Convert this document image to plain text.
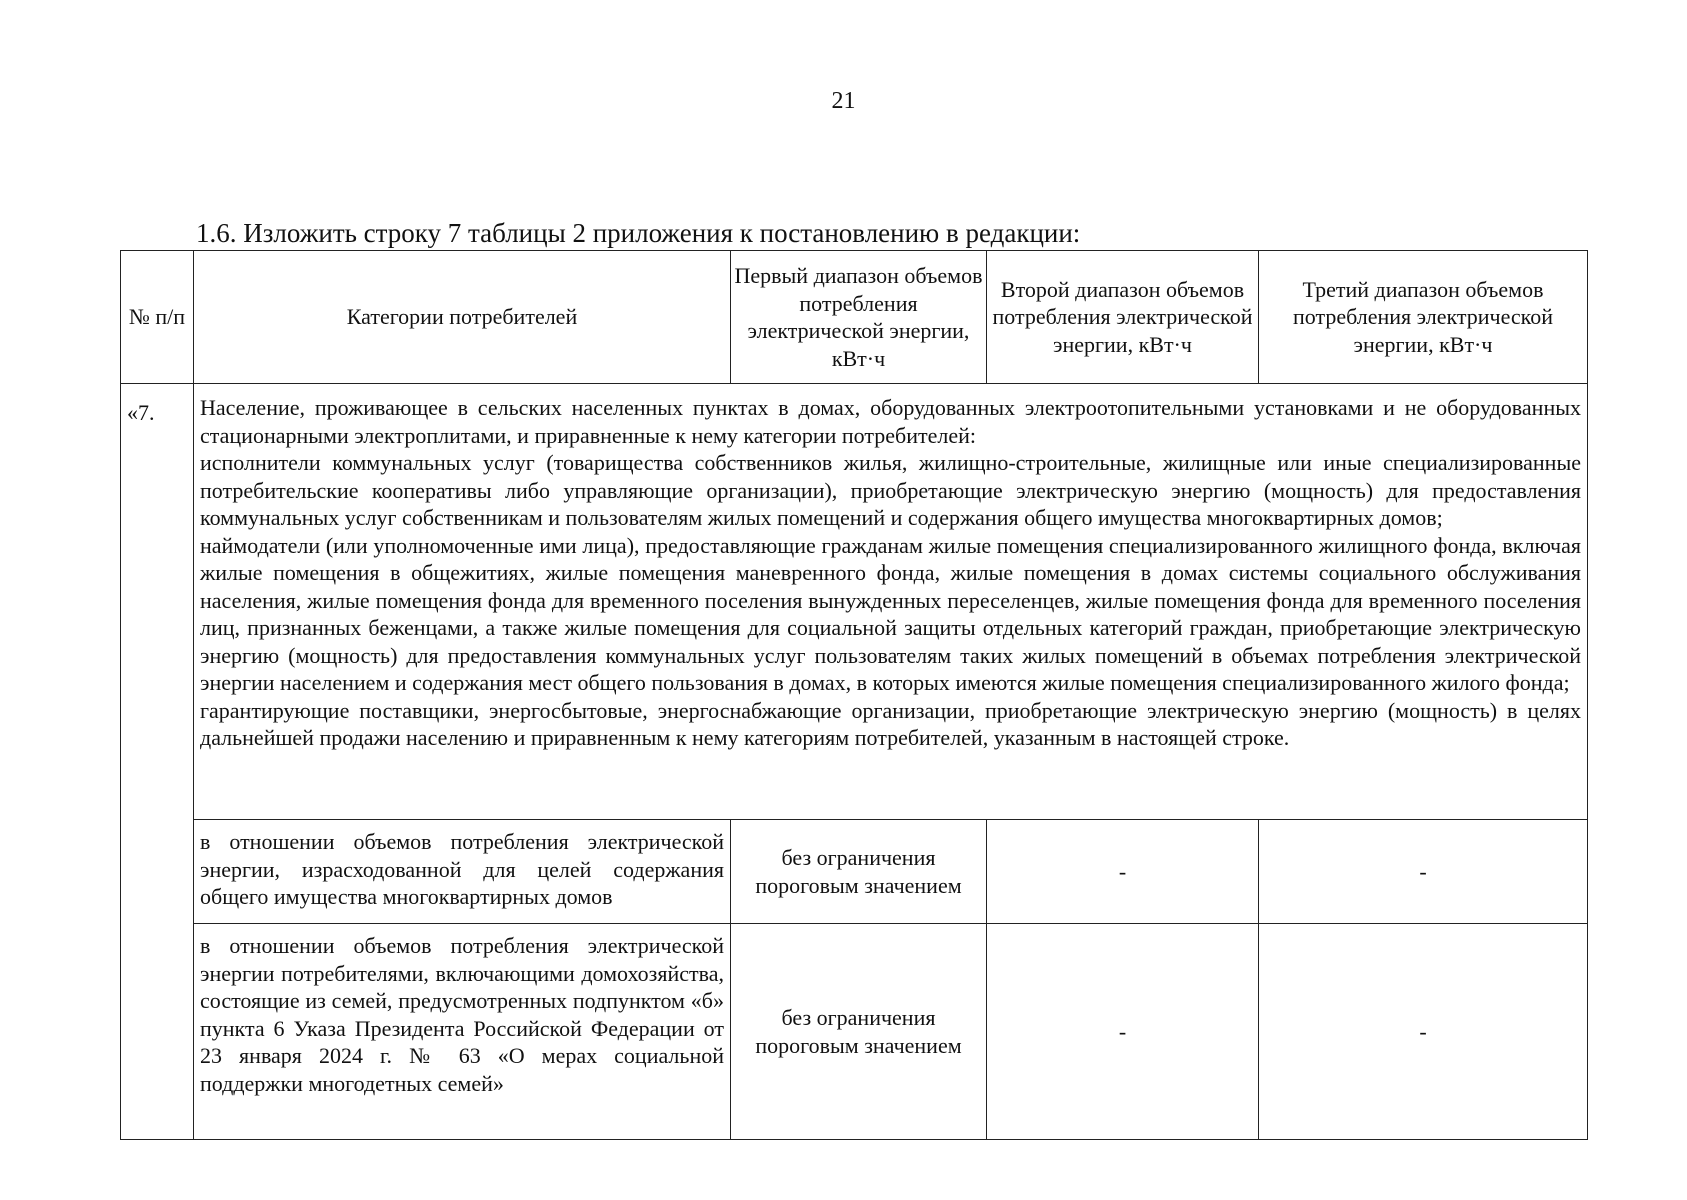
21
1.6. Изложить строку 7 таблицы 2 приложения к постановлению в редакции:
№ п/п	Категории потребителей	Первый диапазон объемов потребления электрической энергии, кВт·ч	Второй диапазон объемов потребления электрической энергии, кВт·ч	Третий диапазон объемов потребления электрической энергии, кВт·ч
«7.	Население, проживающее в сельских населенных пунктах в домах, оборудованных электроотопительными установками и не оборудованных стационарными электроплитами, и приравненные к нему категории потребителей:

исполнители коммунальных услуг (товарищества собственников жилья, жилищно-строительные, жилищные или иные специализированные потребительские кооперативы либо управляющие организации), приобретающие электрическую энергию (мощность) для предоставления коммунальных услуг собственникам и пользователям жилых помещений и содержания общего имущества многоквартирных домов;

наймодатели (или уполномоченные ими лица), предоставляющие гражданам жилые помещения специализированного жилищного фонда, включая жилые помещения в общежитиях, жилые помещения маневренного фонда, жилые помещения в домах системы социального обслуживания населения, жилые помещения фонда для временного поселения вынужденных переселенцев, жилые помещения фонда для временного поселения лиц, признанных беженцами, а также жилые помещения для социальной защиты отдельных категорий граждан, приобретающие электрическую энергию (мощность) для предоставления коммунальных услуг пользователям таких жилых помещений в объемах потребления электрической энергии населением и содержания мест общего пользования в домах, в которых имеются жилые помещения специализированного жилого фонда;

гарантирующие поставщики, энергосбытовые, энергоснабжающие организации, приобретающие электрическую энергию (мощность) в целях дальнейшей продажи населению и приравненным к нему категориям потребителей, указанным в настоящей строке.			

	в отношении объемов потребления электрической энергии, израсходованной для целей содержания общего имущества многоквартирных домов	без ограничения пороговым значением	-	-
	в отношении объемов потребления электрической энергии потребителями, включающими домохозяйства, состоящие из семей, предусмотренных подпунктом «б» пункта 6 Указа Президента Российской Федерации от 23 января 2024 г. № 63 «О мерах социальной поддержки многодетных семей»	без ограничения пороговым значением	-	-
